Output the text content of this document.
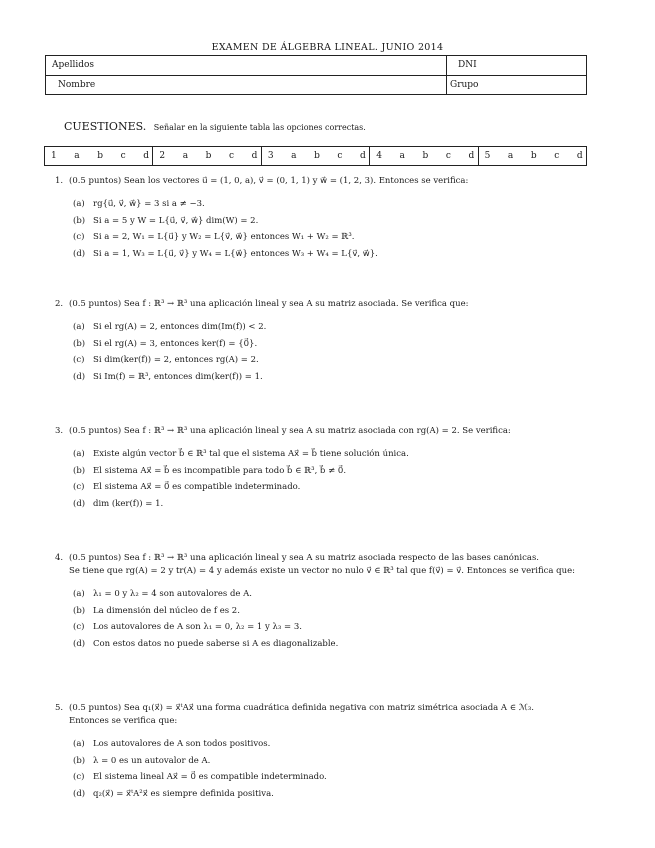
EXAMEN DE ÁLGEBRA LINEAL. JUNIO 2014
Apellidos	DNI
Nombre	Grupo
CUESTIONES. Señalar en la siguiente tabla las opciones correctas.
1   a   b   c   d	2   a   b   c   d	3   a   b   c   d	4   a   b   c   d	5   a   b   c   d
1. (0.5 puntos) Sean los vectores u⃗ = (1, 0, a), v⃗ = (0, 1, 1) y w⃗ = (1, 2, 3). Entonces se verifica:
(a) rg{u⃗, v⃗, w⃗} = 3 si a ≠ −3.
(b) Si a = 5 y W = L{u⃗, v⃗, w⃗} dim(W) = 2.
(c) Si a = 2, W₁ = L{u⃗} y W₂ = L{v⃗, w⃗} entonces W₁ + W₂ = ℝ³.
(d) Si a = 1, W₃ = L{u⃗, v⃗} y W₄ = L{w⃗} entonces W₃ + W₄ = L{v⃗, w⃗}.
2. (0.5 puntos) Sea f : ℝ³ → ℝ³ una aplicación lineal y sea A su matriz asociada. Se verifica que:
(a) Si el rg(A) = 2, entonces dim(Im(f)) < 2.
(b) Si el rg(A) = 3, entonces ker(f) = {0⃗}.
(c) Si dim(ker(f)) = 2, entonces rg(A) = 2.
(d) Si Im(f) = ℝ³, entonces dim(ker(f)) = 1.
3. (0.5 puntos) Sea f : ℝ³ → ℝ³ una aplicación lineal y sea A su matriz asociada con rg(A) = 2. Se verifica:
(a) Existe algún vector b⃗ ∈ ℝ³ tal que el sistema Ax⃗ = b⃗ tiene solución única.
(b) El sistema Ax⃗ = b⃗ es incompatible para todo b⃗ ∈ ℝ³, b⃗ ≠ 0⃗.
(c) El sistema Ax⃗ = 0⃗ es compatible indeterminado.
(d) dim (ker(f)) = 1.
4. (0.5 puntos) Sea f : ℝ³ → ℝ³ una aplicación lineal y sea A su matriz asociada respecto de las bases canónicas.
Se tiene que rg(A) = 2 y tr(A) = 4 y además existe un vector no nulo v⃗ ∈ ℝ³ tal que f(v⃗) = v⃗. Entonces se verifica que:
(a) λ₁ = 0 y λ₂ = 4 son autovalores de A.
(b) La dimensión del núcleo de f es 2.
(c) Los autovalores de A son λ₁ = 0, λ₂ = 1 y λ₃ = 3.
(d) Con estos datos no puede saberse si A es diagonalizable.
5. (0.5 puntos) Sea q₁(x⃗) = x⃗ᵗAx⃗ una forma cuadrática definida negativa con matriz simétrica asociada A ∈ ℳ₃.
Entonces se verifica que:
(a) Los autovalores de A son todos positivos.
(b) λ = 0 es un autovalor de A.
(c) El sistema lineal Ax⃗ = 0⃗ es compatible indeterminado.
(d) q₂(x⃗) = x⃗ᵗA²x⃗ es siempre definida positiva.
